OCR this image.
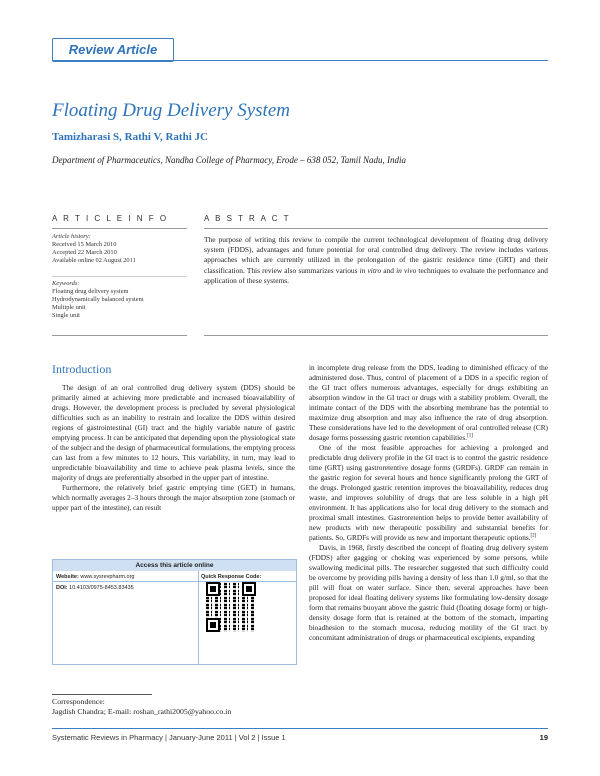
Review Article
Floating Drug Delivery System
Tamizharasi S, Rathi V, Rathi JC
Department of Pharmaceutics, Nandha College of Pharmacy, Erode – 638 052, Tamil Nadu, India
A R T I C L E I N F O
Article history:
Received 15 March 2010
Accepted 22 March 2010
Available online 02 August 2011
Keywords:
Floating drug delivery system
Hydrodynamically balanced system
Multiple unit
Single unit
A B S T R A C T
The purpose of writing this review to compile the current technological development of floating drug delivery system (FDDS), advantages and future potential for oral controlled drug delivery. The review includes various approaches which are currently utilized in the prolongation of the gastric residence time (GRT) and their classification. This review also summarizes various in vitro and in vivo techniques to evaluate the performance and application of these systems.
Introduction

The design of an oral controlled drug delivery system (DDS) should be primarily aimed at achieving more predictable and increased bioavailability of drugs. However, the development process is precluded by several physiological difficulties such as an inability to restrain and localize the DDS within desired regions of gastrointestinal (GI) tract and the highly variable nature of gastric emptying process. It can be anticipated that depending upon the physiological state of the subject and the design of pharmaceutical formulations, the emptying process can last from a few minutes to 12 hours. This variability, in turn, may lead to unpredictable bioavailability and time to achieve peak plasma levels, since the majority of drugs are preferentially absorbed in the upper part of intestine.

Furthermore, the relatively brief gastric emptying time (GET) in humans, which normally averages 2–3 hours through the major absorption zone (stomach or upper part of the intestine), can result

Access this article online
Website: www.sysrevpharm.org
DOI: 10.4103/0975-8453.83435
Quick Response Code:
Correspondence:
Jagdish Chandra; E-mail: roshan_rathi2005@yahoo.co.in

in incomplete drug release from the DDS, leading to diminished efficacy of the administered dose. Thus, control of placement of a DDS in a specific region of the GI tract offers numerous advantages, especially for drugs exhibiting an absorption window in the GI tract or drugs with a stability problem. Overall, the intimate contact of the DDS with the absorbing membrane has the potential to maximize drug absorption and may also influence the rate of drug absorption. These considerations have led to the development of oral controlled release (CR) dosage forms possessing gastric retention capabilities.[1]

One of the most feasible approaches for achieving a prolonged and predictable drug delivery profile in the GI tract is to control the gastric residence time (GRT) using gastroretentive dosage forms (GRDFs). GRDF can remain in the gastric region for several hours and hence significantly prolong the GRT of the drugs. Prolonged gastric retention improves the bioavailability, reduces drug waste, and improves solubility of drugs that are less soluble in a high pH environment. It has applications also for local drug delivery to the stomach and proximal small intestines. Gastroretention helps to provide better availability of new products with new therapeutic possibility and substantial benefits for patients. So, GRDFs will provide us new and important therapeutic options.[2]

Davis, in 1968, firstly described the concept of floating drug delivery system (FDDS) after gagging or choking was experienced by some persons, while swallowing medicinal pills. The researcher suggested that such difficulty could be overcome by providing pills having a density of less than 1.0 g/ml, so that the pill will float on water surface. Since then, several approaches have been proposed for ideal floating delivery systems like formulating low-density dosage form that remains buoyant above the gastric fluid (floating dosage form) or high-density dosage form that is retained at the bottom of the stomach, imparting bioadhesion to the stomach mucosa, reducing motility of the GI tract by concomitant administration of drugs or pharmaceutical excipients, expanding

Systematic Reviews in Pharmacy | January-June 2011 | Vol 2 | Issue 1	19
